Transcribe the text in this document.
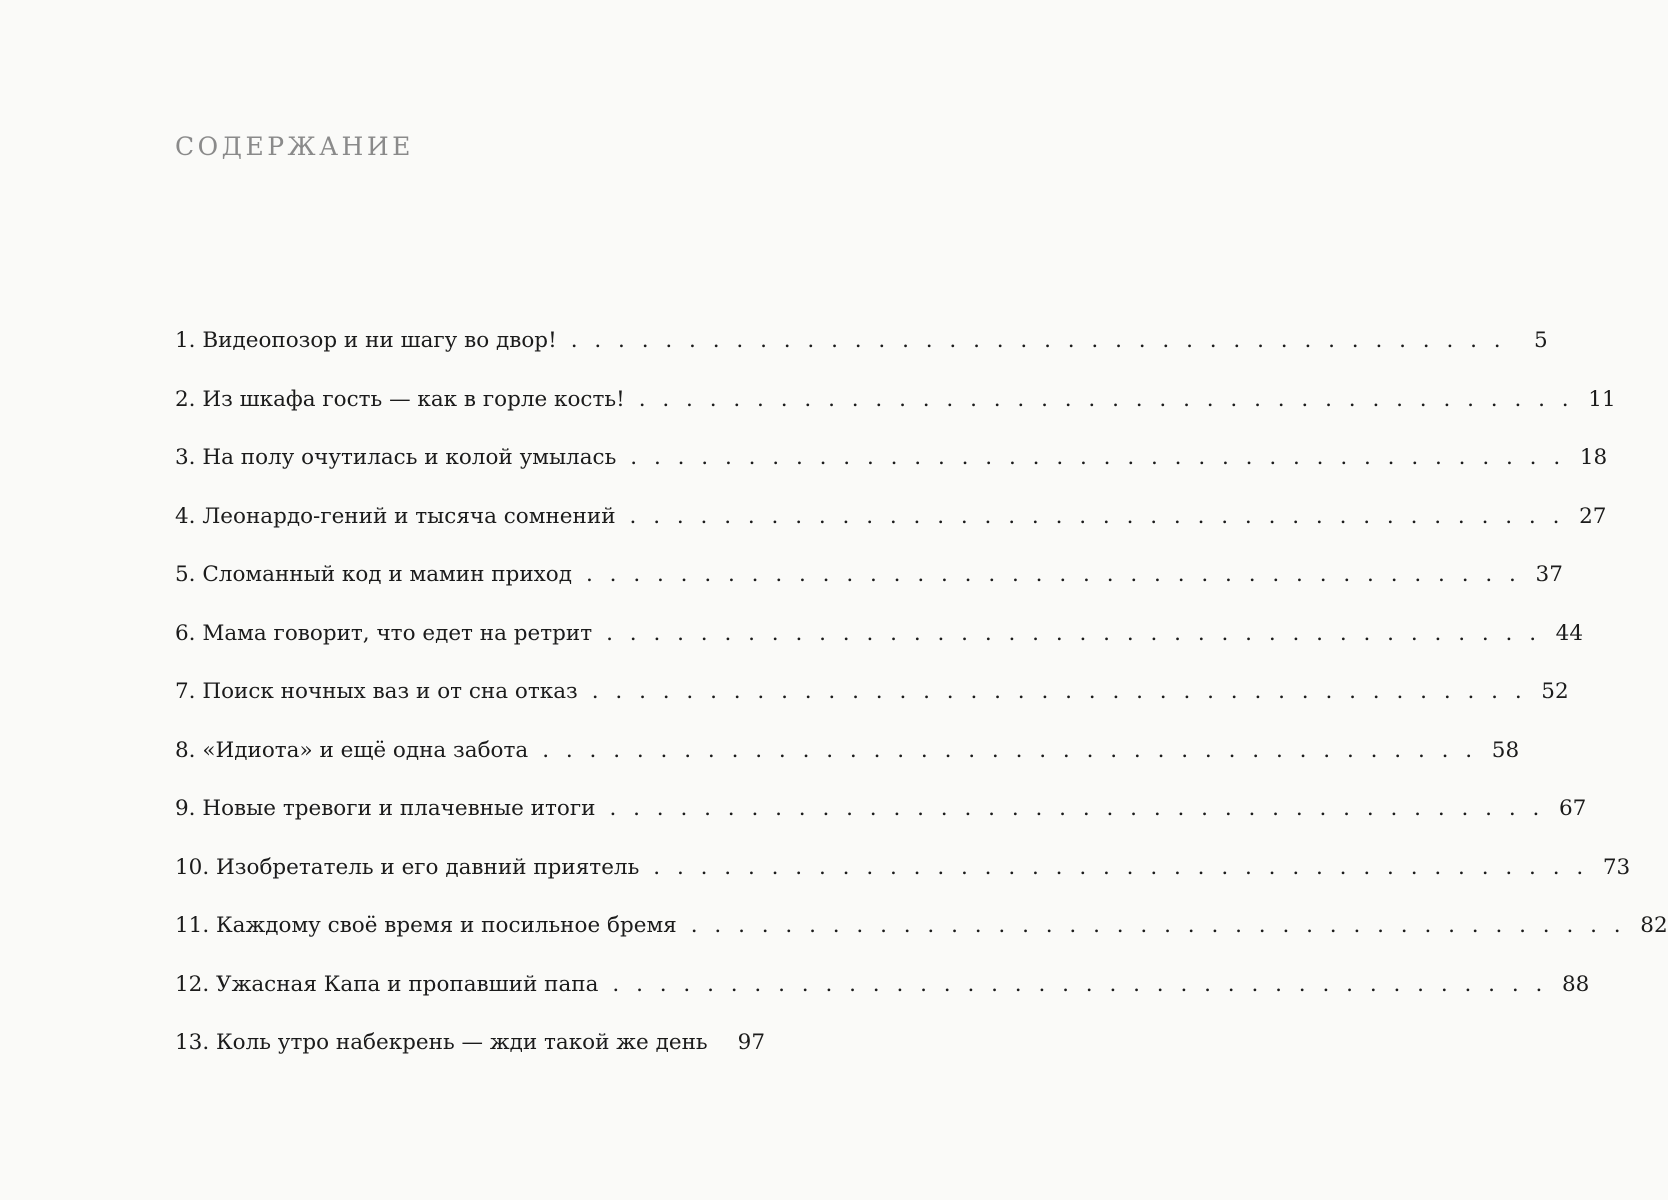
СОДЕРЖАНИЕ
1. Видеопозор и ни шагу во двор! . . . . . . . . . . . . . . . . . . . . . . . . . . . . . . . . . . . . . . . .	5
2. Из шкафа гость — как в горле кость! . . . . . . . . . . . . . . . . . . . . . . . . . . . . . . . . . . . . . . . . 11
3. На полу очутилась и колой умылась . . . . . . . . . . . . . . . . . . . . . . . . . . . . . . . . . . . . . . . . 18
4. Леонардо-гений и тысяча сомнений . . . . . . . . . . . . . . . . . . . . . . . . . . . . . . . . . . . . . . . . 27
5. Сломанный код и мамин приход . . . . . . . . . . . . . . . . . . . . . . . . . . . . . . . . . . . . . . . . 37
6. Мама говорит, что едет на ретрит . . . . . . . . . . . . . . . . . . . . . . . . . . . . . . . . . . . . . . . . 44
7. Поиск ночных ваз и от сна отказ . . . . . . . . . . . . . . . . . . . . . . . . . . . . . . . . . . . . . . . . 52
8. «Идиота» и ещё одна забота . . . . . . . . . . . . . . . . . . . . . . . . . . . . . . . . . . . . . . . . 58
9. Новые тревоги и плачевные итоги . . . . . . . . . . . . . . . . . . . . . . . . . . . . . . . . . . . . . . . . 67
10. Изобретатель и его давний приятель . . . . . . . . . . . . . . . . . . . . . . . . . . . . . . . . . . . . . . . . 73
11. Каждому своё время и посильное бремя . . . . . . . . . . . . . . . . . . . . . . . . . . . . . . . . . . . . . . . . 82
12. Ужасная Капа и пропавший папа . . . . . . . . . . . . . . . . . . . . . . . . . . . . . . . . . . . . . . . . 88
13. Коль утро набекрень — жди такой же день 97
